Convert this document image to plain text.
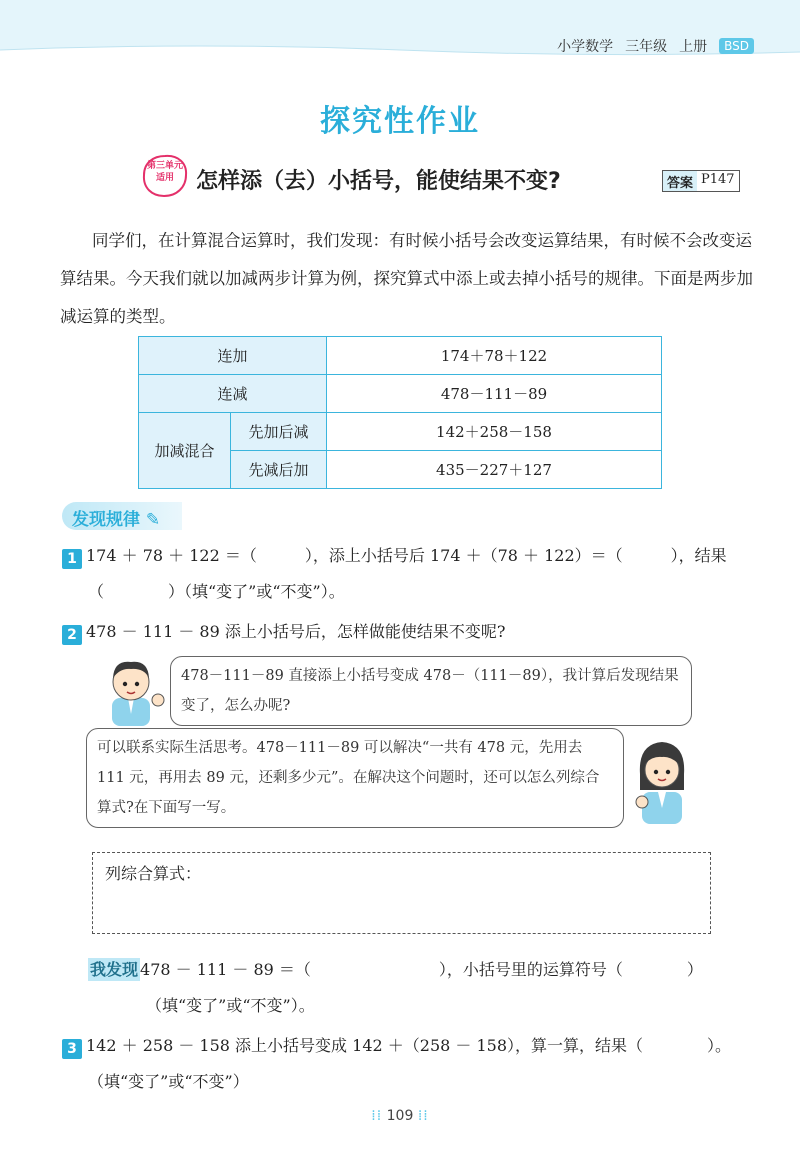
小学数学 三年级 上册	BSD
探究性作业
第三单元
适用	怎样添（去）小括号，能使结果不变?	答案 P147
同学们，在计算混合运算时，我们发现：有时候小括号会改变运算结果，有时候不会改变运算结果。今天我们就以加减两步计算为例，探究算式中添上或去掉小括号的规律。下面是两步加减运算的类型。
连加		174＋78＋122
连减		478－111－89
加减混合	先加后减	142＋258－158
	先减后加	435－227＋127
发现规律 ✎
1 174 ＋ 78 ＋ 122 ＝（　　　），添上小括号后 174 ＋（78 ＋ 122）＝（　　　），结果
（　　　　）（填“变了”或“不变”）。
2 478 － 111 － 89 添上小括号后，怎样做能使结果不变呢?
478－111－89 直接添上小括号变成 478－（111－89），我计算后发现结果变了，怎么办呢?
可以联系实际生活思考。478－111－89 可以解决“一共有 478 元，先用去 111 元，再用去 89 元，还剩多少元”。在解决这个问题时，还可以怎么列综合算式?在下面写一写。
列综合算式：
我发现 478 － 111 － 89 ＝（　　　　　　　　），小括号里的运算符号（　　　　）
（填“变了”或“不变”）。
3 142 ＋ 258 － 158 添上小括号变成 142 ＋（258 － 158），算一算，结果（　　　　）。
（填“变了”或“不变”）
⁞⁞ 109 ⁞⁞
